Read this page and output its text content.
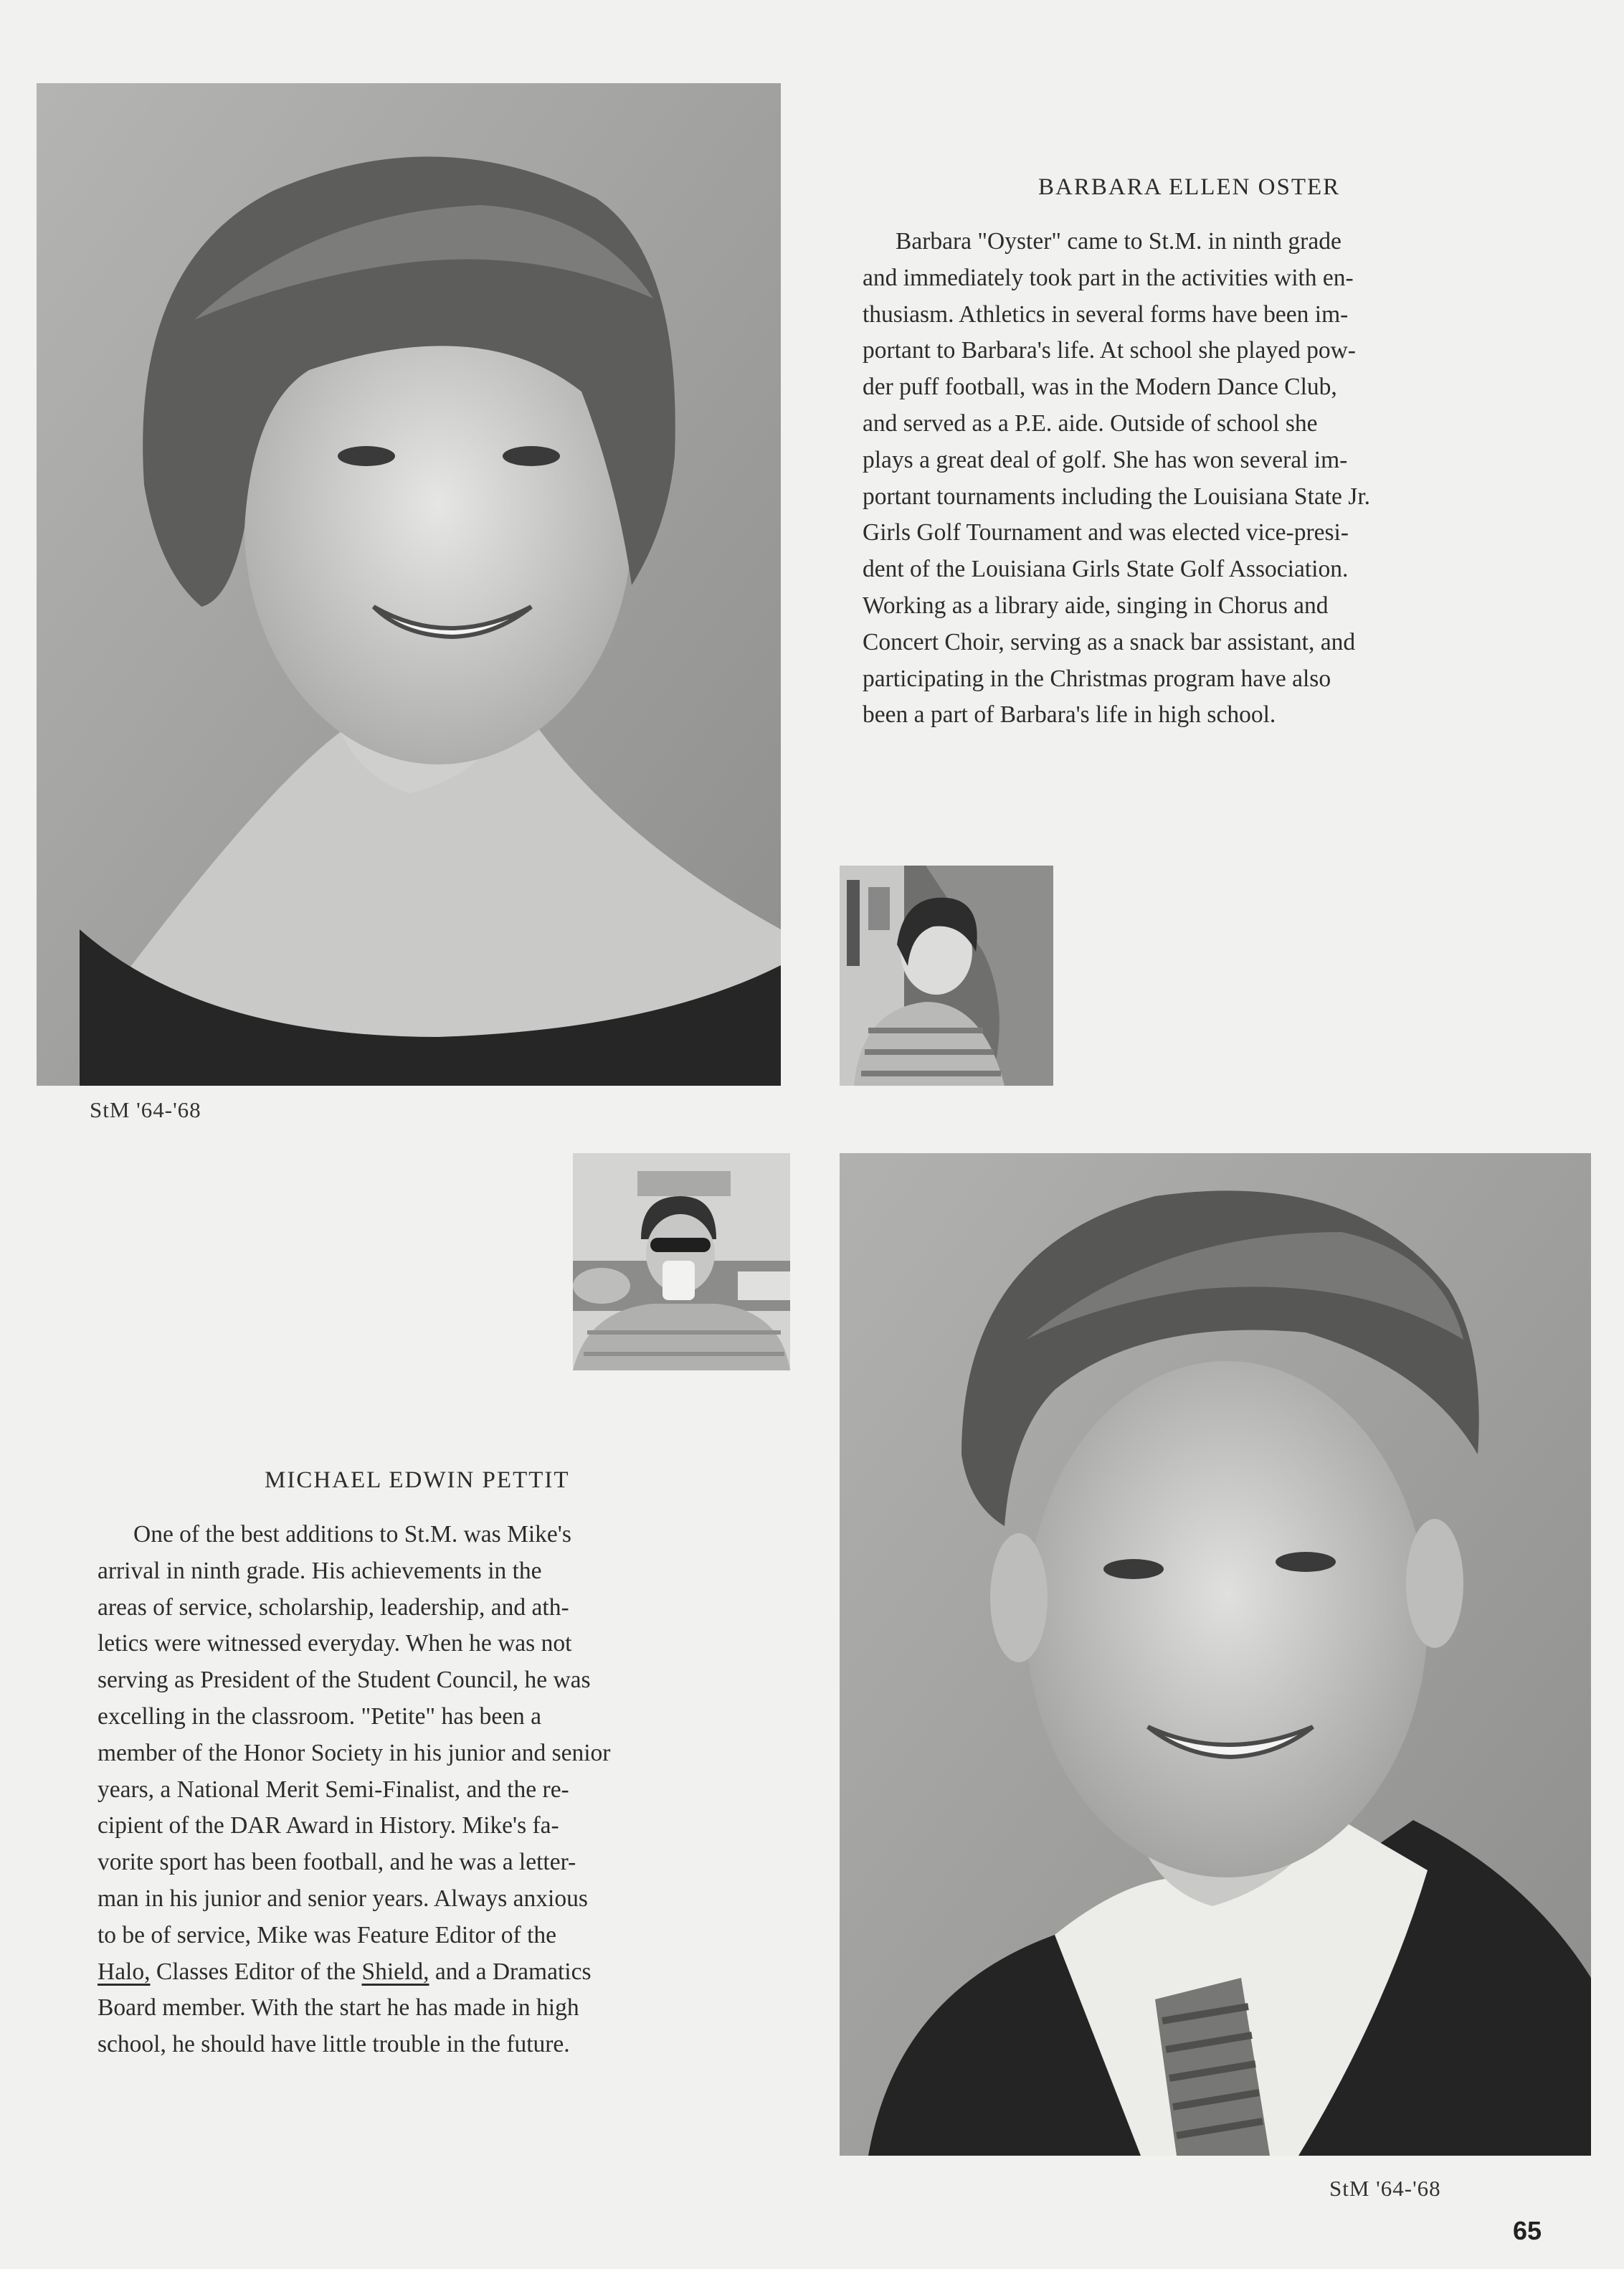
BARBARA ELLEN OSTER
Barbara "Oyster" came to St.M. in ninth grade
and immediately took part in the activities with en-
thusiasm. Athletics in several forms have been im-
portant to Barbara's life. At school she played pow-
der puff football, was in the Modern Dance Club,
and served as a P.E. aide. Outside of school she
plays a great deal of golf. She has won several im-
portant tournaments including the Louisiana State Jr.
Girls Golf Tournament and was elected vice-presi-
dent of the Louisiana Girls State Golf Association.
Working as a library aide, singing in Chorus and
Concert Choir, serving as a snack bar assistant, and
participating in the Christmas program have also
been a part of Barbara's life in high school.
StM '64-'68
MICHAEL EDWIN PETTIT
One of the best additions to St.M. was Mike's
arrival in ninth grade. His achievements in the
areas of service, scholarship, leadership, and ath-
letics were witnessed everyday. When he was not
serving as President of the Student Council, he was
excelling in the classroom. "Petite" has been a
member of the Honor Society in his junior and senior
years, a National Merit Semi-Finalist, and the re-
cipient of the DAR Award in History. Mike's fa-
vorite sport has been football, and he was a letter-
man in his junior and senior years. Always anxious
to be of service, Mike was Feature Editor of the
Halo, Classes Editor of the Shield, and a Dramatics
Board member. With the start he has made in high
school, he should have little trouble in the future.
StM '64-'68
65
